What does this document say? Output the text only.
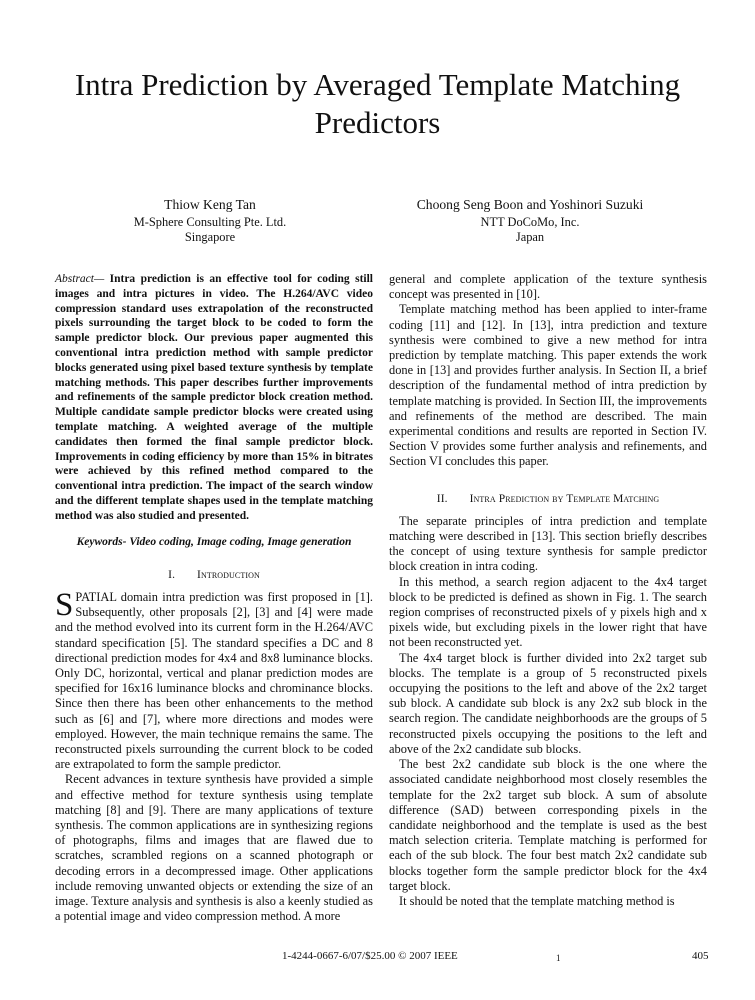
Intra Prediction by Averaged Template Matching Predictors
Thiow Keng Tan
M-Sphere Consulting Pte. Ltd.
Singapore
Choong Seng Boon and Yoshinori Suzuki
NTT DoCoMo, Inc.
Japan
Abstract— Intra prediction is an effective tool for coding still images and intra pictures in video. The H.264/AVC video compression standard uses extrapolation of the reconstructed pixels surrounding the target block to be coded to form the sample predictor block. Our previous paper augmented this conventional intra prediction method with sample predictor blocks generated using pixel based texture synthesis by template matching methods. This paper describes further improvements and refinements of the sample predictor block creation method. Multiple candidate sample predictor blocks were created using template matching. A weighted average of the multiple candidates then formed the final sample predictor block. Improvements in coding efficiency by more than 15% in bitrates were achieved by this refined method compared to the conventional intra prediction. The impact of the search window and the different template shapes used in the template matching method was also studied and presented.
Keywords- Video coding, Image coding, Image generation
I. Introduction

SPATIAL domain intra prediction was first proposed in [1]. Subsequently, other proposals [2], [3] and [4] were made and the method evolved into its current form in the H.264/AVC standard specification [5]. The standard specifies a DC and 8 directional prediction modes for 4x4 and 8x8 luminance blocks. Only DC, horizontal, vertical and planar prediction modes are specified for 16x16 luminance blocks and chrominance blocks. Since then there has been other enhancements to the method such as [6] and [7], where more directions and modes were employed. However, the main technique remains the same. The reconstructed pixels surrounding the current block to be coded are extrapolated to form the sample predictor.

Recent advances in texture synthesis have provided a simple and effective method for texture synthesis using template matching [8] and [9]. There are many applications of texture synthesis. The common applications are in synthesizing regions of photographs, films and images that are flawed due to scratches, scrambled regions on a scanned photograph or decoding errors in a decompressed image. Other applications include removing unwanted objects or extending the size of an image. Texture analysis and synthesis is also a keenly studied as a potential image and video compression method. A more

general and complete application of the texture synthesis concept was presented in [10].

Template matching method has been applied to inter-frame coding [11] and [12]. In [13], intra prediction and texture synthesis were combined to give a new method for intra prediction by template matching. This paper extends the work done in [13] and provides further analysis. In Section II, a brief description of the fundamental method of intra prediction by template matching is provided. In Section III, the improvements and refinements of the method are described. The main experimental conditions and results are reported in Section IV. Section V provides some further analysis and refinements, and Section VI concludes this paper.

II. Intra Prediction by Template Matching

The separate principles of intra prediction and template matching were described in [13]. This section briefly describes the concept of using texture synthesis for sample predictor block creation in intra coding.

In this method, a search region adjacent to the 4x4 target block to be predicted is defined as shown in Fig. 1. The search region comprises of reconstructed pixels of y pixels high and x pixels wide, but excluding pixels in the lower right that have not been reconstructed yet.

The 4x4 target block is further divided into 2x2 target sub blocks. The template is a group of 5 reconstructed pixels occupying the positions to the left and above of the 2x2 target sub block. A candidate sub block is any 2x2 sub block in the search region. The candidate neighborhoods are the groups of 5 reconstructed pixels occupying the positions to the left and above of the 2x2 candidate sub blocks.

The best 2x2 candidate sub block is the one where the associated candidate neighborhood most closely resembles the template for the 2x2 target sub block. A sum of absolute difference (SAD) between corresponding pixels in the candidate neighborhood and the template is used as the best match selection criteria. Template matching is performed for each of the sub block. The four best match 2x2 candidate sub blocks together form the sample predictor block for the 4x4 target block.

It should be noted that the template matching method is

1-4244-0667-6/07/$25.00 © 2007 IEEE	1	405
